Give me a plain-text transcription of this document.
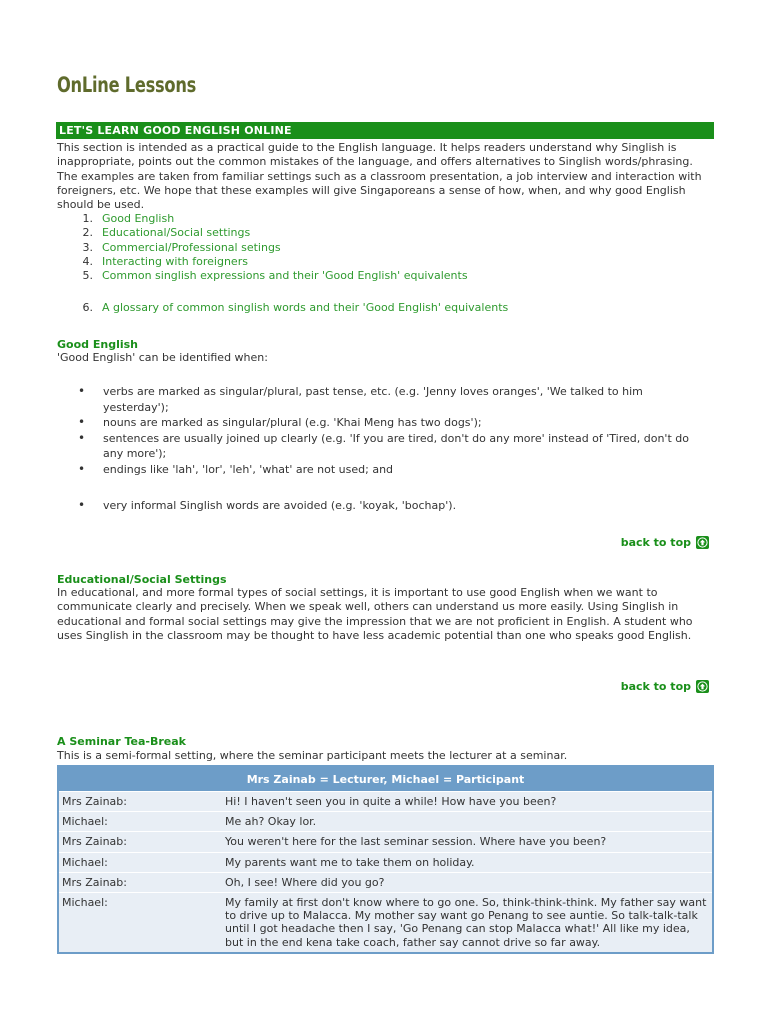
OnLine Lessons
LET'S LEARN GOOD ENGLISH ONLINE
This section is intended as a practical guide to the English language. It helps readers understand why Singlish is inappropriate, points out the common mistakes of the language, and offers alternatives to Singlish words/phrasing. The examples are taken from familiar settings such as a classroom presentation, a job interview and interaction with foreigners, etc. We hope that these examples will give Singaporeans a sense of how, when, and why good English should be used.
1. Good English
2. Educational/Social settings
3. Commercial/Professional setings
4. Interacting with foreigners
5. Common singlish expressions and their 'Good English' equivalents
6. A glossary of common singlish words and their 'Good English' equivalents
Good English
'Good English' can be identified when:
• verbs are marked as singular/plural, past tense, etc. (e.g. 'Jenny loves oranges', 'We talked to him yesterday');
• nouns are marked as singular/plural (e.g. 'Khai Meng has two dogs');
• sentences are usually joined up clearly (e.g. 'If you are tired, don't do any more' instead of 'Tired, don't do any more');
• endings like 'lah', 'lor', 'leh', 'what' are not used; and
• very informal Singlish words are avoided (e.g. 'koyak, 'bochap').
back to top
Educational/Social Settings
In educational, and more formal types of social settings, it is important to use good English when we want to communicate clearly and precisely. When we speak well, others can understand us more easily. Using Singlish in educational and formal social settings may give the impression that we are not proficient in English. A student who uses Singlish in the classroom may be thought to have less academic potential than one who speaks good English.
back to top
A Seminar Tea-Break
This is a semi-formal setting, where the seminar participant meets the lecturer at a seminar.
Mrs Zainab = Lecturer, Michael = Participant	
Mrs Zainab:	Hi! I haven't seen you in quite a while! How have you been?
Michael:	Me ah? Okay lor.
Mrs Zainab:	You weren't here for the last seminar session. Where have you been?
Michael:	My parents want me to take them on holiday.
Mrs Zainab:	Oh, I see! Where did you go?
Michael:	My family at first don't know where to go one. So, think-think-think. My father say want to drive up to Malacca. My mother say want go Penang to see auntie. So talk-talk-talk until I got headache then I say, 'Go Penang can stop Malacca what!' All like my idea, but in the end kena take coach, father say cannot drive so far away.
